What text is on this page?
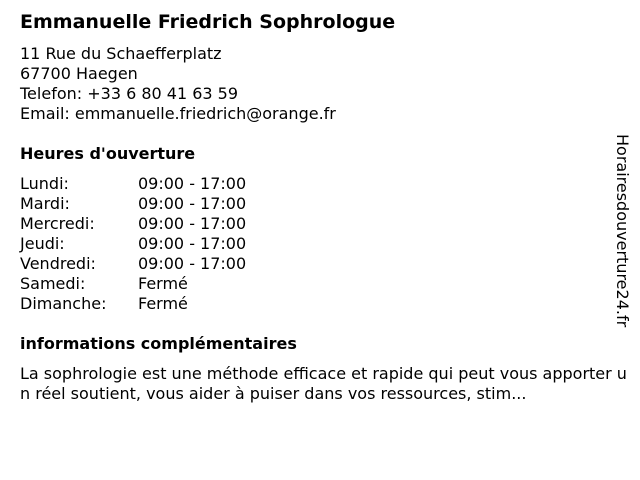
Emmanuelle Friedrich Sophrologue
11 Rue du Schaefferplatz
67700 Haegen
Telefon: +33 6 80 41 63 59
Email: emmanuelle.friedrich@orange.fr
Heures d'ouverture
Lundi:	09:00 - 17:00
Mardi:	09:00 - 17:00
Mercredi:	09:00 - 17:00
Jeudi:	09:00 - 17:00
Vendredi:	09:00 - 17:00
Samedi:	Fermé
Dimanche: Fermé
informations complémentaires
La sophrologie est une méthode efficace et rapide qui peut vous apporter un réel soutient, vous aider à puiser dans vos ressources, stim...
Horairesdouverture24.fr
